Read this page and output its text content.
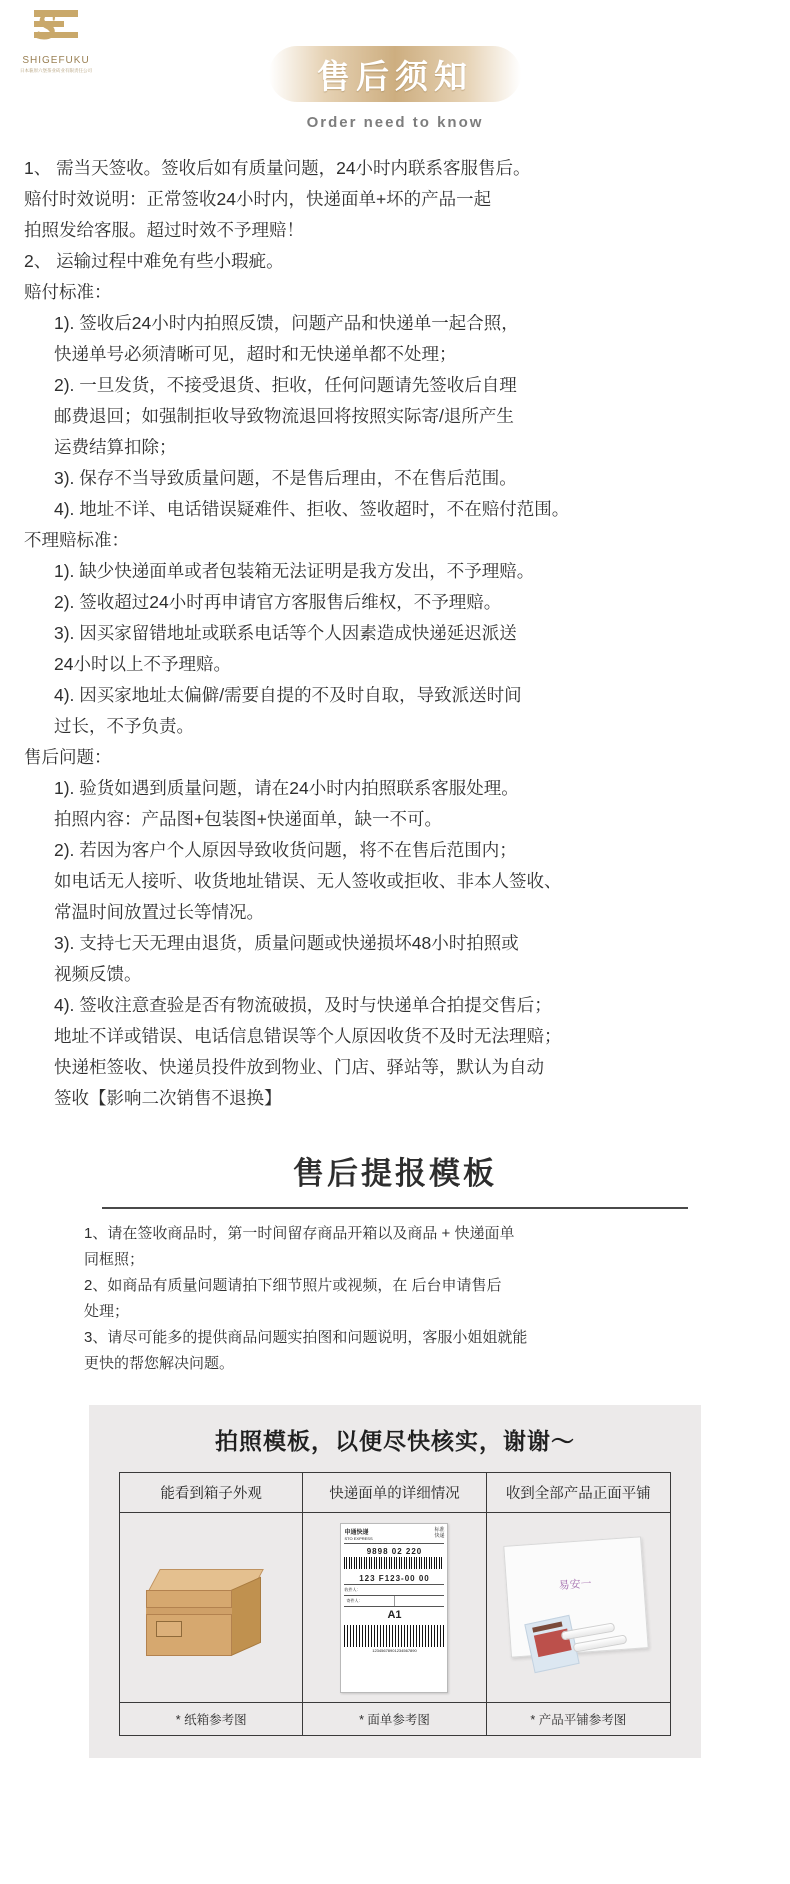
S
SHIGEFUKU
日本萩原六堡茶业砖业有限责任公司	售后须知
Order need to know

1、 需当天签收。签收后如有质量问题，24小时内联系客服售后。

赔付时效说明：正常签收24小时内，快递面单+坏的产品一起

拍照发给客服。超过时效不予理赔！

2、 运输过程中难免有些小瑕疵。

赔付标准：

1). 签收后24小时内拍照反馈，问题产品和快递单一起合照，

快递单号必须清晰可见，超时和无快递单都不处理；

2). 一旦发货，不接受退货、拒收，任何问题请先签收后自理

邮费退回；如强制拒收导致物流退回将按照实际寄/退所产生

运费结算扣除；

3). 保存不当导致质量问题，不是售后理由，不在售后范围。

4). 地址不详、电话错误疑难件、拒收、签收超时，不在赔付范围。

不理赔标准：

1). 缺少快递面单或者包装箱无法证明是我方发出，不予理赔。

2). 签收超过24小时再申请官方客服售后维权，不予理赔。

3). 因买家留错地址或联系电话等个人因素造成快递延迟派送

24小时以上不予理赔。

4). 因买家地址太偏僻/需要自提的不及时自取，导致派送时间

过长，不予负责。

售后问题：

1). 验货如遇到质量问题，请在24小时内拍照联系客服处理。

拍照内容：产品图+包装图+快递面单，缺一不可。

2). 若因为客户个人原因导致收货问题，将不在售后范围内；

如电话无人接听、收货地址错误、无人签收或拒收、非本人签收、

常温时间放置过长等情况。

3). 支持七天无理由退货，质量问题或快递损坏48小时拍照或

视频反馈。

4). 签收注意查验是否有物流破损，及时与快递单合拍提交售后；

地址不详或错误、电话信息错误等个人原因收货不及时无法理赔；

快递柜签收、快递员投件放到物业、门店、驿站等，默认为自动

签收【影响二次销售不退换】

售后提报模板

1、请在签收商品时，第一时间留存商品开箱以及商品 + 快递面单

同框照；

2、如商品有质量问题请拍下细节照片或视频，在 后台申请售后

处理；

3、请尽可能多的提供商品问题实拍图和问题说明，客服小姐姐就能

更快的帮您解决问题。

拍照模板，以便尽快核实，谢谢～
能看到箱子外观	快递面单的详细情况	收到全部产品正面平铺
申通快递
STO EXPRESS
标准
快递
9898 02 220
123 F123-00 00
收件人：
寄件人：
A1
12345678901234567890
易安一
* 纸箱参考图	* 面单参考图	* 产品平铺参考图
